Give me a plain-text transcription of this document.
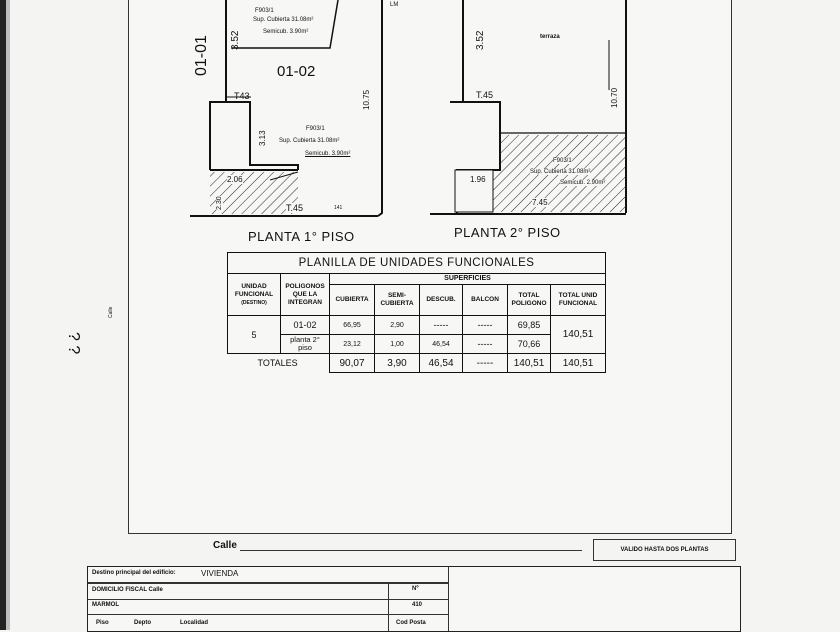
01-01	01-02
F903/1
Sup. Cubierta 31.08m²
Semicub. 3.90m²
3.52
T43	10.75
LM
3.13
F903/1
Sup. Cubierta 31.08m²
Semicub. 3.90m²
2.06
2.30	T.45	141
PLANTA 1° PISO
3.52	terraza
T.45	10.70
F903/1
Sup. Cubierta 31.08m²
Semicub. 2.90m²
1.96
7.45
PLANTA 2° PISO
PLANILLA DE UNIDADES FUNCIONALES							

UNIDAD FUNCIONAL
(DESTINO)	POLIGONOS QUE LA INTEGRAN	SUPERFICIES					
		CUBIERTA	SEMI-CUBIERTA	DESCUB.	BALCON	TOTAL POLIGONO	TOTAL UNID FUNCIONAL
5	01-02	66,95	2,90	-----	-----	69,85	140,51
	planta 2° piso	23,12	1,00	46,54	-----	70,66	
TOTALES		90,07	3,90	46,54	-----	140,51	140,51
? ?
Calle
Calle	VALIDO HASTA DOS PLANTAS
Destino principal del edificio:	VIVIENDA
DOMICILIO FISCAL Calle	Nº
MARMOL	410
Piso	Depto	Localidad	Cod Posta
